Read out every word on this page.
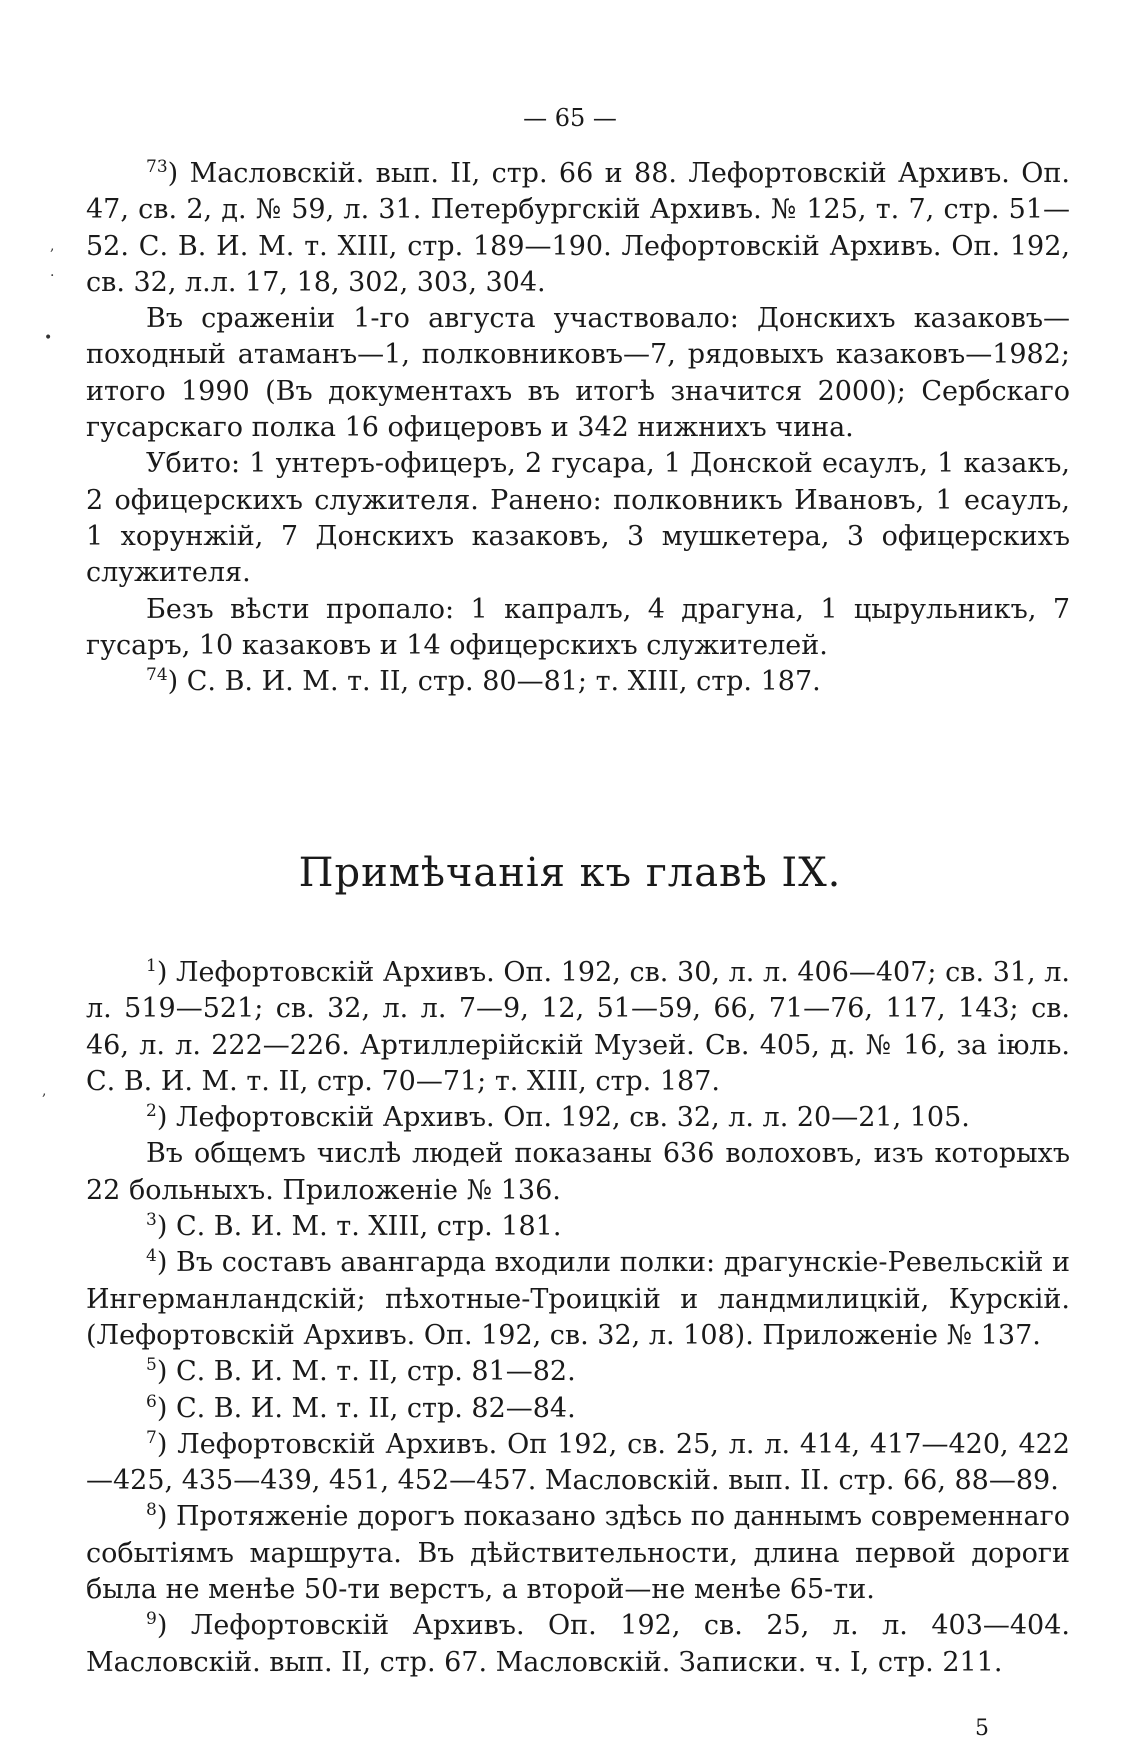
— 65 —

$^{73}$) Масловскій. вып. II, стр. 66 и 88. Лефортовскій Архивъ. Оп. 47, св. 2, д. № 59, л. 31. Петербургскій Архивъ. № 125, т. 7, стр. 51—52. С. В. И. М. т. ХIII, стр. 189—190. Лефортовскій Архивъ. Оп. 192, св. 32, л.л. 17, 18, 302, 303, 304.

Въ сраженіи 1-го августа участвовало: Донскихъ казаковъ—походный атаманъ—1, полковниковъ—7, рядовыхъ казаковъ—1982; итого 1990 (Въ документахъ въ итогѣ значится 2000); Сербскаго гусарскаго полка 16 офицеровъ и 342 нижнихъ чина.

Убито: 1 унтеръ-офицеръ, 2 гусара, 1 Донской есаулъ, 1 казакъ, 2 офицерскихъ служителя. Ранено: полковникъ Ивановъ, 1 есаулъ, 1 хорунжій, 7 Донскихъ казаковъ, 3 мушкетера, 3 офицерскихъ служителя.

Безъ вѣсти пропало: 1 капралъ, 4 драгуна, 1 цырульникъ, 7 гусаръ, 10 казаковъ и 14 офицерскихъ служителей.

$^{74}$) С. В. И. М. т. II, стр. 80—81; т. ХIII, стр. 187.

Примѣчанія къ главѣ IX.

$^1$) Лефортовскій Архивъ. Оп. 192, св. 30, л. л. 406—407; св. 31, л. л. 519—521; св. 32, л. л. 7—9, 12, 51—59, 66, 71—76, 117, 143; св. 46, л. л. 222—226. Артиллерійскій Музей. Св. 405, д. № 16, за іюль. С. В. И. М. т. II, стр. 70—71; т. ХIII, стр. 187.

$^2$) Лефортовскій Архивъ. Оп. 192, св. 32, л. л. 20—21, 105.

Въ общемъ числѣ людей показаны 636 волоховъ, изъ которыхъ 22 больныхъ. Приложеніе № 136.

$^3$) С. В. И. М. т. ХIII, стр. 181.

$^4$) Въ составъ авангарда входили полки: драгунскіе-Ревельскій и Ингерманландскій; пѣхотные-Троицкій и ландмилицкій, Курскій. (Лефортовскій Архивъ. Оп. 192, св. 32, л. 108). Приложеніе № 137.

$^5$) С. В. И. М. т. II, стр. 81—82.

$^6$) С. В. И. М. т. II, стр. 82—84.

$^7$) Лефортовскій Архивъ. Оп 192, св. 25, л. л. 414, 417—420, 422—425, 435—439, 451, 452—457. Масловскій. вып. II. стр. 66, 88—89.

$^8$) Протяженіе дорогъ показано здѣсь по даннымъ современнаго событіямъ маршрута. Въ дѣйствительности, длина первой дороги была не менѣе 50-ти верстъ, а второй—не менѣе 65-ти.

$^9$) Лефортовскій Архивъ. Оп. 192, св. 25, л. л. 403—404. Масловскій. вып. II, стр. 67. Масловскій. Записки. ч. I, стр. 211.

5
,
·
•
,
